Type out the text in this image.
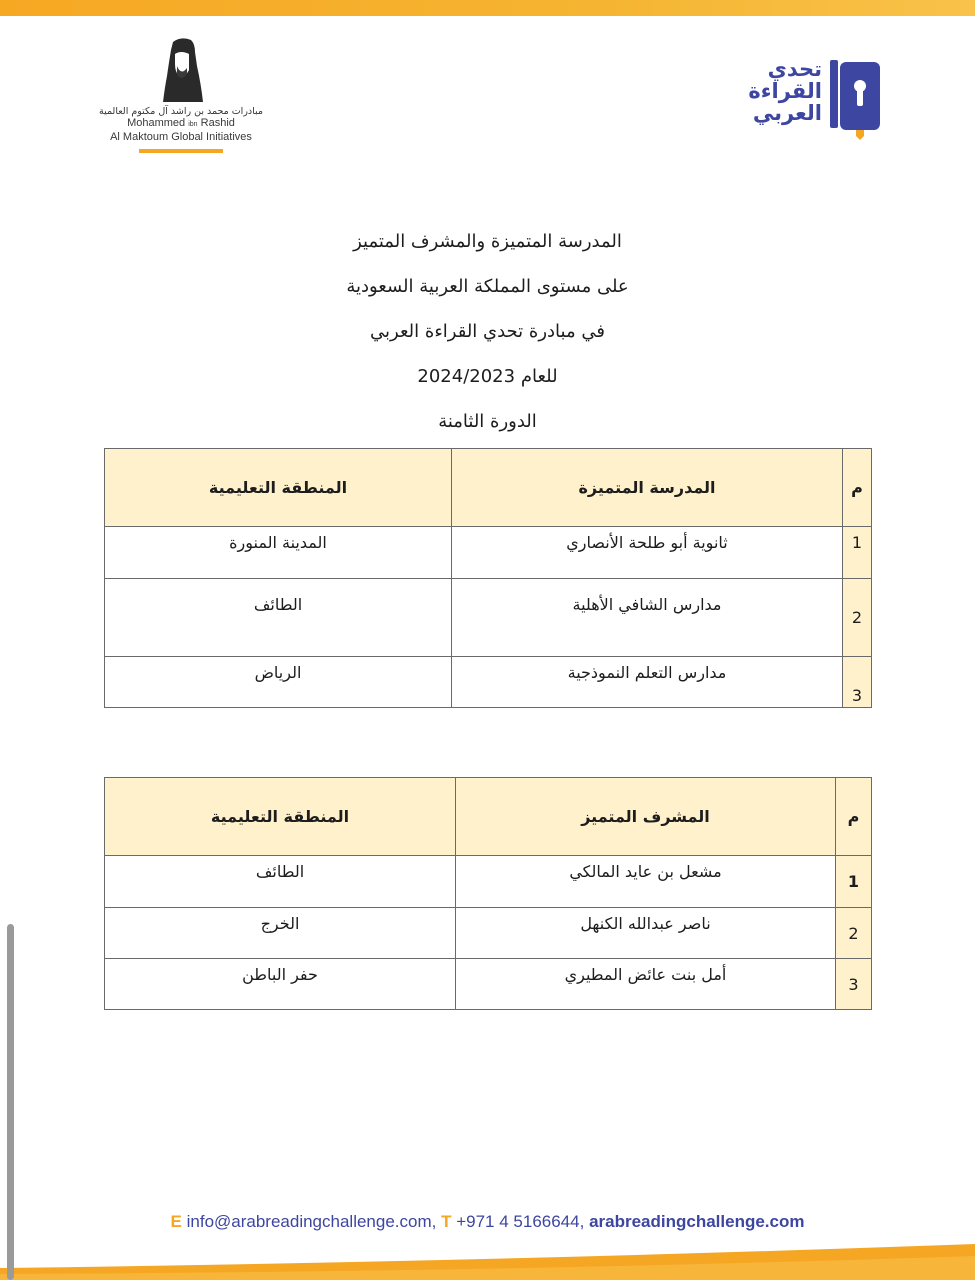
مبادرات محمد بن راشد آل مكتوم العالمية
Mohammed ibn Rashid
Al Maktoum Global Initiatives
تحدي
القراءة
العربي
المدرسة المتميزة والمشرف المتميز
على مستوى المملكة العربية السعودية
في مبادرة تحدي القراءة العربي
للعام 2024/2023
الدورة الثامنة
م	المدرسة المتميزة	المنطقة التعليمية
1	ثانوية أبو طلحة الأنصاري	المدينة المنورة
2	مدارس الشافي الأهلية	الطائف
3	مدارس التعلم النموذجية	الرياض
م	المشرف المتميز	المنطقة التعليمية
1	مشعل بن عايد المالكي	الطائف
2	ناصر عبدالله الكنهل	الخرج
3	أمل بنت عائض المطيري	حفر الباطن
E info@arabreadingchallenge.com, T +971 4 5166644, arabreadingchallenge.com
